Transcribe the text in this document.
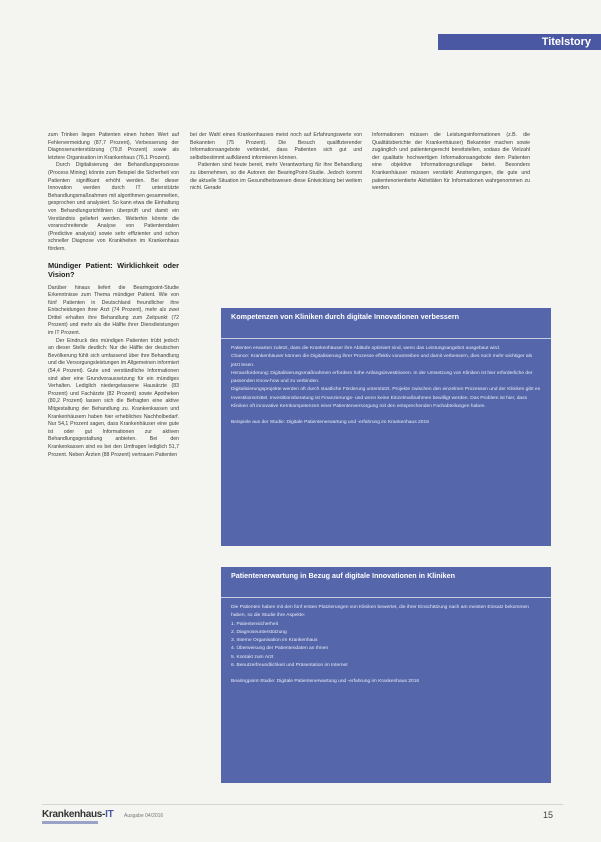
Titelstory

zum Trinken liegen Patienten einen hohen Wert auf Fehlervermeidung (87,7 Prozent), Verbesserung der Diagnosenunterstützung (79,8 Prozent) sowie als letztere Organisation im Krankenhaus (76,1 Prozent).

Durch Digitalisierung der Behandlungsprozesse (Process Mining) könnte zum Beispiel die Sicherheit von Patienten signifikant erhöht werden. Bei dieser Innovation werden durch IT unterstützte Behandlungsmaßnahmen mit algorithmen gesammelten, gesprochen und analysiert. So kann etwa die Einhaltung von Behandlungsrichtlinien überprüft und damit ein Verständnis geliefert werden. Weiterhin könnte die voranschreitende Analyse von Patientendaten (Predictive analysis) sowie sehr effizienter und schon schneller Diagnose von Krankheiten im Krankenhaus fördern.

Mündiger Patient: Wirklichkeit oder Vision?

Darüber hinaus liefert die Bearingpoint-Studie Erkenntnisse zum Thema mündiger Patient. Wie von fünf Patienten in Deutschland freundlicher ihre Entscheidungen ihrer Arzt (74 Prozent), mehr als zwei Drittel erhalten ihre Behandlung zum Zeitpunkt (72 Prozent) und mehr als die Hälfte ihrer Dienstleistungen im IT Prozent.

Der Eindruck des mündigen Patienten trübt jedoch an dieser Stelle deutlich: Nur die Hälfte der deutschen Bevölkerung fühlt sich umfassend über ihre Behandlung und die Versorgungsleistungen im Allgemeinen informiert (54,4 Prozent). Gute und verständliche Informationen sind aber eine Grundvoraussetzung für ein mündiges Verhalten. Lediglich niedergelassene Hausärzte (83 Prozent) und Fachärzte (82 Prozent) sowie Apotheken (80,2 Prozent) lassen sich die Befragten eine aktive Mitgestaltung der Behandlung zu. Krankenkassen und Krankenhäusern haben hier erhebliches Nachholbedarf. Nur 54,1 Prozent sagen, dass Krankenhäuser eine gute ist oder gut Informationen zur aktiven Behandlungsgestaltung anbieten. Bei den Krankenkassen sind es bei den Umfragen lediglich 51,7 Prozent. Neben Ärzten (88 Prozent) vertrauen Patienten

bei der Wahl eines Krankenhauses meist noch auf Erfahrungswerte von Bekannten (75 Prozent). Die Besuch qualifizierender Informationsangebote verbindet, dass Patienten sich gut und selbstbestimmt aufklärend informieren können.

Patienten sind heute bereit, mehr Verantwortung für ihre Behandlung zu übernehmen, so die Autoren der BearingPoint-Studie. Jedoch kommt die aktuelle Situation im Gesundheitswesen diese Entwicklung bei weitem nicht. Gerade

Informationen müssen die Leistungsinformationen (z.B. die Qualitätsberichte der Krankenhäuser) Bekannter machen sowie zugänglich und patientengerecht bereitstellen, sodass die Vielzahl der qualitativ hochwertigen Informationsangebote dem Patienten eine objektive Informationsgrundlage bietet. Besonders Krankenhäuser müssen verstärkt Anstrengungen, die gute und patientenorientierte Aktivitäten für Informationen wahrgenommen zu werden.

Kompetenzen von Kliniken durch digitale Innovationen verbessern

Patienten erwarten zuletzt, dass die Krankenhäuser ihre Abläufe optimiert sind, wenn das Leistungsangebot ausgebaut wird.

Chance: Krankenhäuser können die Digitalisierung ihrer Prozesse effektiv vorantreiben und damit verbessern, dies noch mehr wichtiger als jetzt lesen.

Herausforderung: Digitalisierungsmaßnahmen erfordern hohe Anfangsinvestitionen. In der Umsetzung von Kliniken ist hier erforderliche der passenden Know-how und zu verbinden.

Digitalisierungsprojekte werden oft durch staatliche Förderung unterstützt. Projekte zwischen den einzelnen Prozessen und der Kliniken gibt es Investitionsmittel. Investitionsberatung ist Finanzierungs- und wenn keine Einzelmaßnahmen bewilligt werden. Das Problem ist hier, dass Kliniken oft innovative Kernkompetenzen einer Patientenversorgung mit den entsprechenden Fachabteilungen haben.

Beispiele aus der Studie: Digitale Patientenerwartung und -erfahrung im Krankenhaus 2016

Patientenerwartung in Bezug auf digitale Innovationen in Kliniken

Die Patienten haben mit den fünf ersten Platzierungen von Kliniken bewertet, die ihrer Einschätzung nach am meisten Einsatz bekommen haben, so die Studie ihre Aspekte:

1. Patientensicherheit

2. Diagnoseunterstützung

3. Interne Organisation im Krankenhaus

4. Überweisung der Patientendaten an Ihnen

5. Kontakt zum Arzt

6. Benutzerfreundlichkeit und Präsentation im Internet

Bearingpoint-Studie: Digitale Patientenerwartung und -erfahrung im Krankenhaus 2016

Krankenhaus-IT Ausgabe 04/2016	15
